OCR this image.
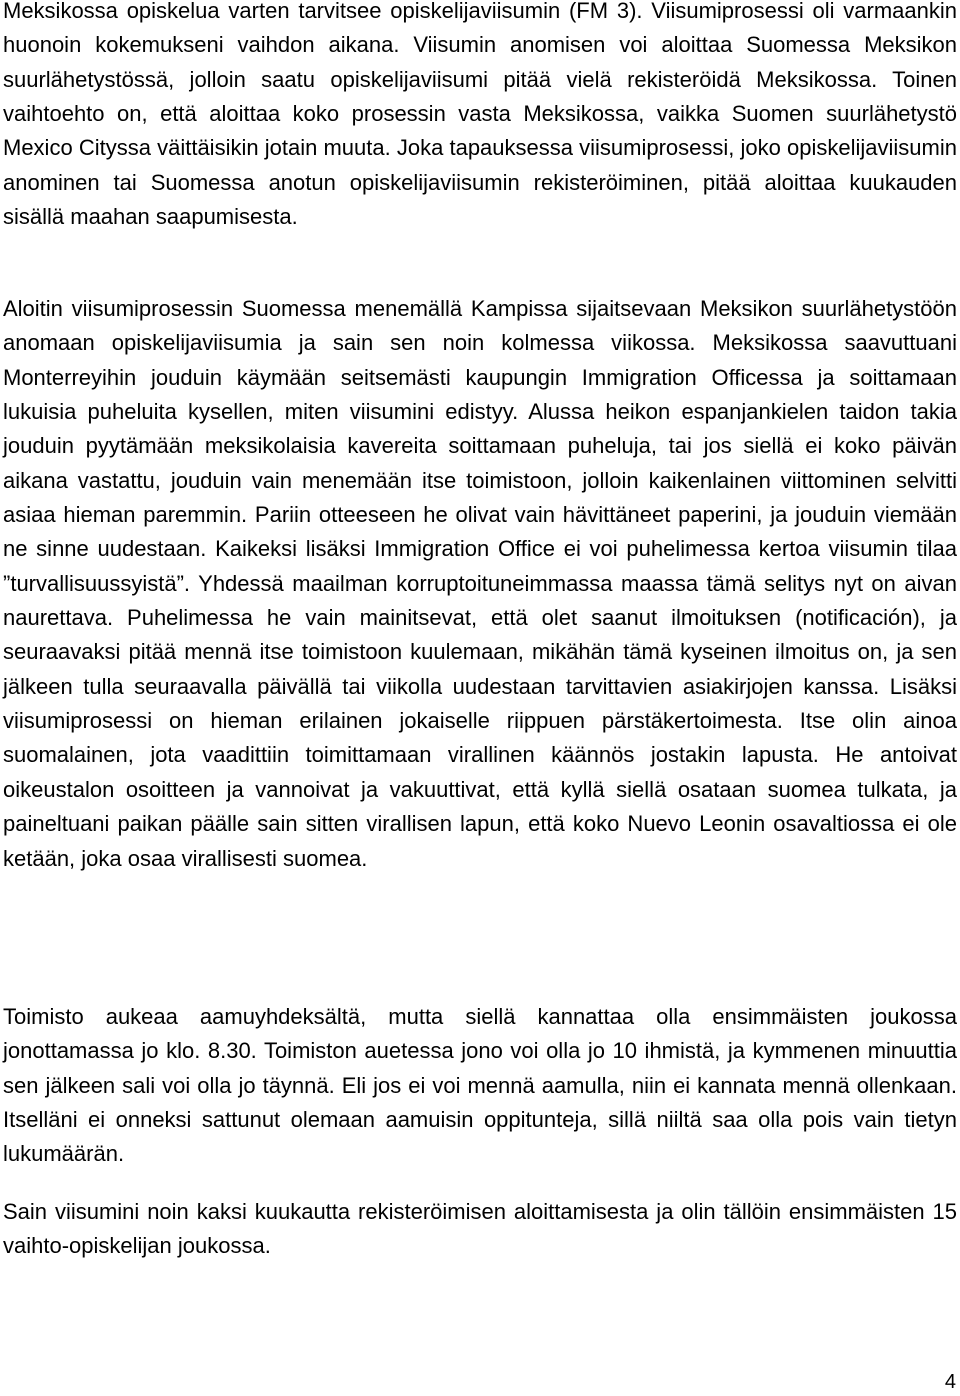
Meksikossa opiskelua varten tarvitsee opiskelijaviisumin (FM 3). Viisumiprosessi oli varmaankin huonoin kokemukseni vaihdon aikana. Viisumin anomisen voi aloittaa Suomessa Meksikon suurlähetystössä, jolloin saatu opiskelijaviisumi pitää vielä rekisteröidä Meksikossa. Toinen vaihtoehto on, että aloittaa koko prosessin vasta Meksikossa, vaikka Suomen suurlähetystö Mexico Cityssa väittäisikin jotain muuta. Joka tapauksessa viisumiprosessi, joko opiskelijaviisumin anominen tai Suomessa anotun opiskelijaviisumin rekisteröiminen, pitää aloittaa kuukauden sisällä maahan saapumisesta.

Aloitin viisumiprosessin Suomessa menemällä Kampissa sijaitsevaan Meksikon suurlähetystöön anomaan opiskelijaviisumia ja sain sen noin kolmessa viikossa. Meksikossa saavuttuani Monterreyihin jouduin käymään seitsemästi kaupungin Immigration Officessa ja soittamaan lukuisia puheluita kysellen, miten viisumini edistyy. Alussa heikon espanjankielen taidon takia jouduin pyytämään meksikolaisia kavereita soittamaan puheluja, tai jos siellä ei koko päivän aikana vastattu, jouduin vain menemään itse toimistoon, jolloin kaikenlainen viittominen selvitti asiaa hieman paremmin. Pariin otteeseen he olivat vain hävittäneet paperini, ja jouduin viemään ne sinne uudestaan. Kaikeksi lisäksi Immigration Office ei voi puhelimessa kertoa viisumin tilaa ”turvallisuussyistä”. Yhdessä maailman korruptoituneimmassa maassa tämä selitys nyt on aivan naurettava. Puhelimessa he vain mainitsevat, että olet saanut ilmoituksen (notificación), ja seuraavaksi pitää mennä itse toimistoon kuulemaan, mikähän tämä kyseinen ilmoitus on, ja sen jälkeen tulla seuraavalla päivällä tai viikolla uudestaan tarvittavien asiakirjojen kanssa. Lisäksi viisumiprosessi on hieman erilainen jokaiselle riippuen pärstäkertoimesta. Itse olin ainoa suomalainen, jota vaadittiin toimittamaan virallinen käännös jostakin lapusta. He antoivat oikeustalon osoitteen ja vannoivat ja vakuuttivat, että kyllä siellä osataan suomea tulkata, ja paineltuani paikan päälle sain sitten virallisen lapun, että koko Nuevo Leonin osavaltiossa ei ole ketään, joka osaa virallisesti suomea.

Toimisto aukeaa aamuyhdeksältä, mutta siellä kannattaa olla ensimmäisten joukossa jonottamassa jo klo. 8.30. Toimiston auetessa jono voi olla jo 10 ihmistä, ja kymmenen minuuttia sen jälkeen sali voi olla jo täynnä. Eli jos ei voi mennä aamulla, niin ei kannata mennä ollenkaan. Itselläni ei onneksi sattunut olemaan aamuisin oppitunteja, sillä niiltä saa olla pois vain tietyn lukumäärän.

Sain viisumini noin kaksi kuukautta rekisteröimisen aloittamisesta ja olin tällöin ensimmäisten 15 vaihto-opiskelijan joukossa.

4
